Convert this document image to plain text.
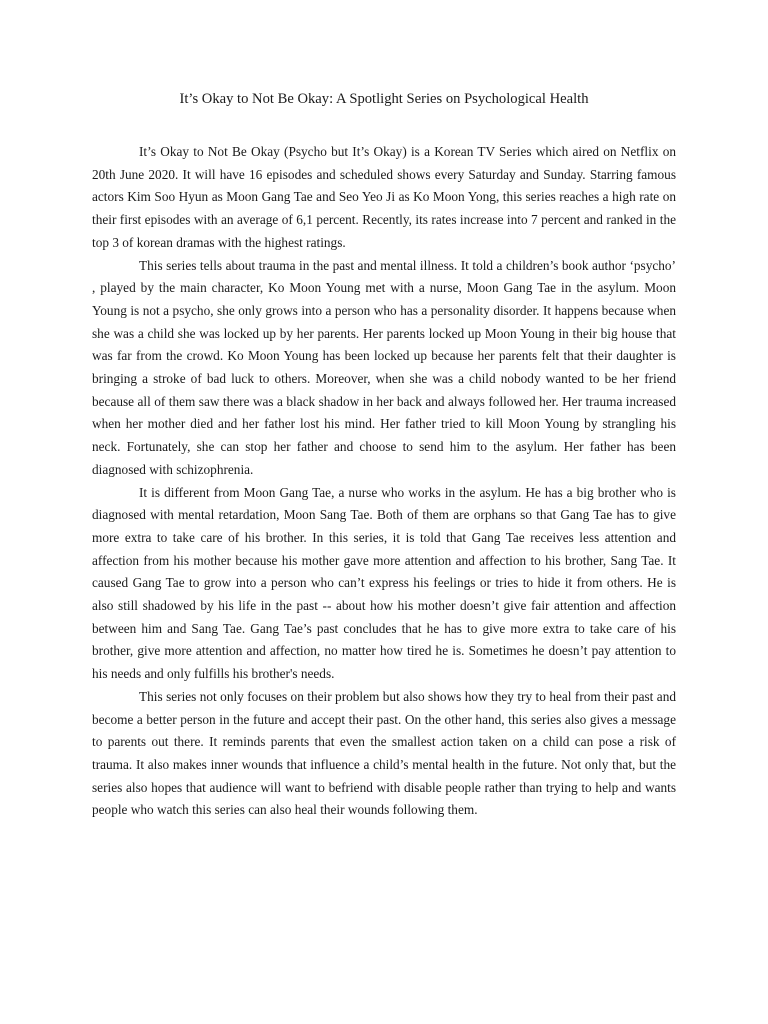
It’s Okay to Not Be Okay: A Spotlight Series on Psychological Health

It’s Okay to Not Be Okay (Psycho but It’s Okay) is a Korean TV Series which aired on Netflix on 20th June 2020. It will have 16 episodes and scheduled shows every Saturday and Sunday. Starring famous actors Kim Soo Hyun as Moon Gang Tae and Seo Yeo Ji as Ko Moon Yong, this series reaches a high rate on their first episodes with an average of 6,1 percent. Recently, its rates increase into 7 percent and ranked in the top 3 of korean dramas with the highest ratings.

This series tells about trauma in the past and mental illness. It told a children’s book author ‘psycho’ , played by the main character, Ko Moon Young met with a nurse, Moon Gang Tae in the asylum. Moon Young is not a psycho, she only grows into a person who has a personality disorder. It happens because when she was a child she was locked up by her parents. Her parents locked up Moon Young in their big house that was far from the crowd. Ko Moon Young has been locked up because her parents felt that their daughter is bringing a stroke of bad luck to others. Moreover, when she was a child nobody wanted to be her friend because all of them saw there was a black shadow in her back and always followed her. Her trauma increased when her mother died and her father lost his mind. Her father tried to kill Moon Young by strangling his neck. Fortunately, she can stop her father and choose to send him to the asylum. Her father has been diagnosed with schizophrenia.

It is different from Moon Gang Tae, a nurse who works in the asylum. He has a big brother who is diagnosed with mental retardation, Moon Sang Tae. Both of them are orphans so that Gang Tae has to give more extra to take care of his brother. In this series, it is told that Gang Tae receives less attention and affection from his mother because his mother gave more attention and affection to his brother, Sang Tae. It caused Gang Tae to grow into a person who can’t express his feelings or tries to hide it from others. He is also still shadowed by his life in the past -- about how his mother doesn’t give fair attention and affection between him and Sang Tae. Gang Tae’s past concludes that he has to give more extra to take care of his brother, give more attention and affection, no matter how tired he is. Sometimes he doesn’t pay attention to his needs and only fulfills his brother's needs.

This series not only focuses on their problem but also shows how they try to heal from their past and become a better person in the future and accept their past. On the other hand, this series also gives a message to parents out there. It reminds parents that even the smallest action taken on a child can pose a risk of trauma. It also makes inner wounds that influence a child’s mental health in the future. Not only that, but the series also hopes that audience will want to befriend with disable people rather than trying to help and wants people who watch this series can also heal their wounds following them.
